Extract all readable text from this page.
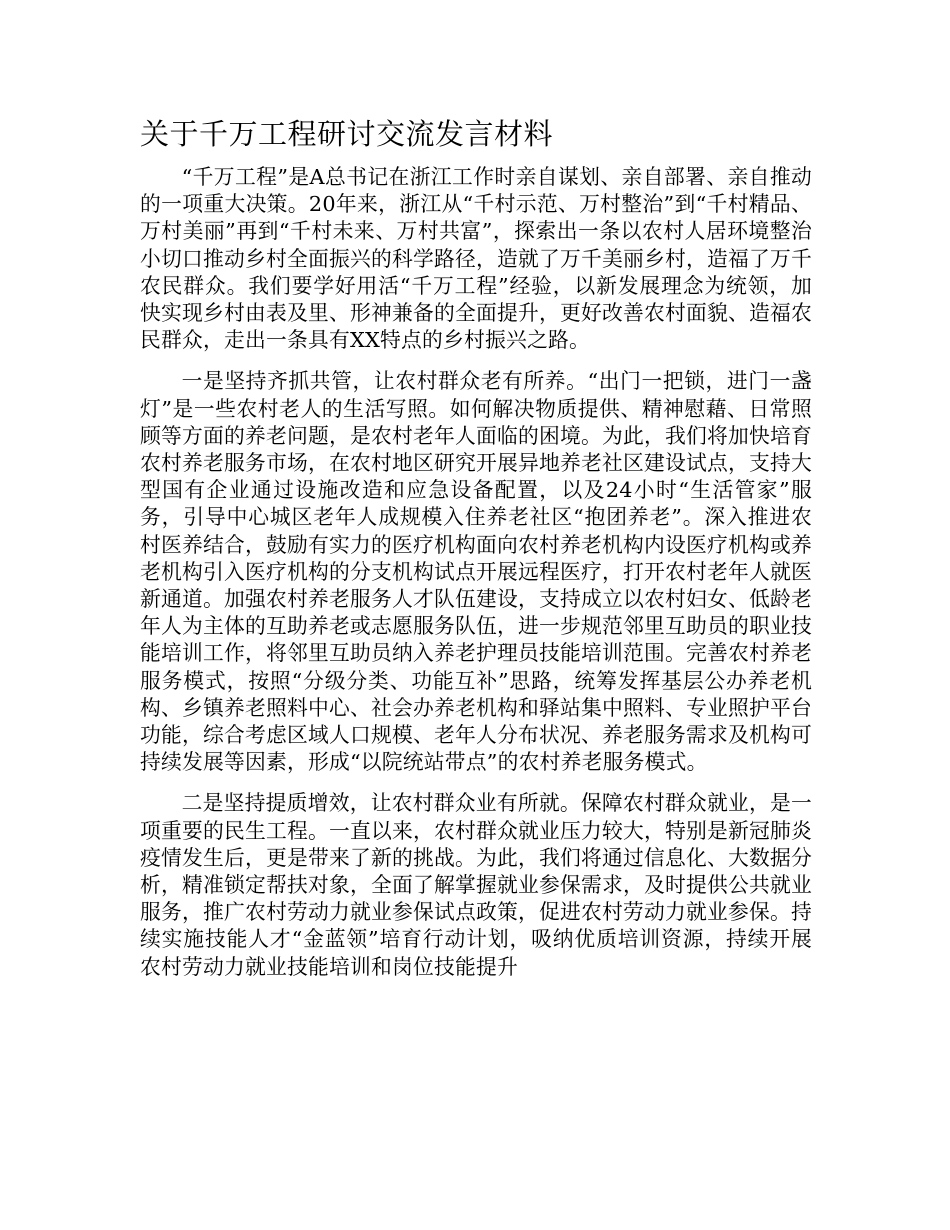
关于千万工程研讨交流发言材料

“千万工程”是A总书记在浙江工作时亲自谋划、亲自部署、亲自推动的一项重大决策。20年来，浙江从“千村示范、万村整治”到“千村精品、万村美丽”再到“千村未来、万村共富”，探索出一条以农村人居环境整治小切口推动乡村全面振兴的科学路径，造就了万千美丽乡村，造福了万千农民群众。我们要学好用活“千万工程”经验，以新发展理念为统领，加快实现乡村由表及里、形神兼备的全面提升，更好改善农村面貌、造福农民群众，走出一条具有XX特点的乡村振兴之路。

一是坚持齐抓共管，让农村群众老有所养。“出门一把锁，进门一盏灯”是一些农村老人的生活写照。如何解决物质提供、精神慰藉、日常照顾等方面的养老问题，是农村老年人面临的困境。为此，我们将加快培育农村养老服务市场，在农村地区研究开展异地养老社区建设试点，支持大型国有企业通过设施改造和应急设备配置，以及24小时“生活管家”服务，引导中心城区老年人成规模入住养老社区“抱团养老”。深入推进农村医养结合，鼓励有实力的医疗机构面向农村养老机构内设医疗机构或养老机构引入医疗机构的分支机构试点开展远程医疗，打开农村老年人就医新通道。加强农村养老服务人才队伍建设，支持成立以农村妇女、低龄老年人为主体的互助养老或志愿服务队伍，进一步规范邻里互助员的职业技能培训工作，将邻里互助员纳入养老护理员技能培训范围。完善农村养老服务模式，按照“分级分类、功能互补”思路，统筹发挥基层公办养老机构、乡镇养老照料中心、社会办养老机构和驿站集中照料、专业照护平台功能，综合考虑区域人口规模、老年人分布状况、养老服务需求及机构可持续发展等因素，形成“以院统站带点”的农村养老服务模式。

二是坚持提质增效，让农村群众业有所就。保障农村群众就业，是一项重要的民生工程。一直以来，农村群众就业压力较大，特别是新冠肺炎疫情发生后，更是带来了新的挑战。为此，我们将通过信息化、大数据分析，精准锁定帮扶对象，全面了解掌握就业参保需求，及时提供公共就业服务，推广农村劳动力就业参保试点政策，促进农村劳动力就业参保。持续实施技能人才“金蓝领”培育行动计划，吸纳优质培训资源，持续开展农村劳动力就业技能培训和岗位技能提升
